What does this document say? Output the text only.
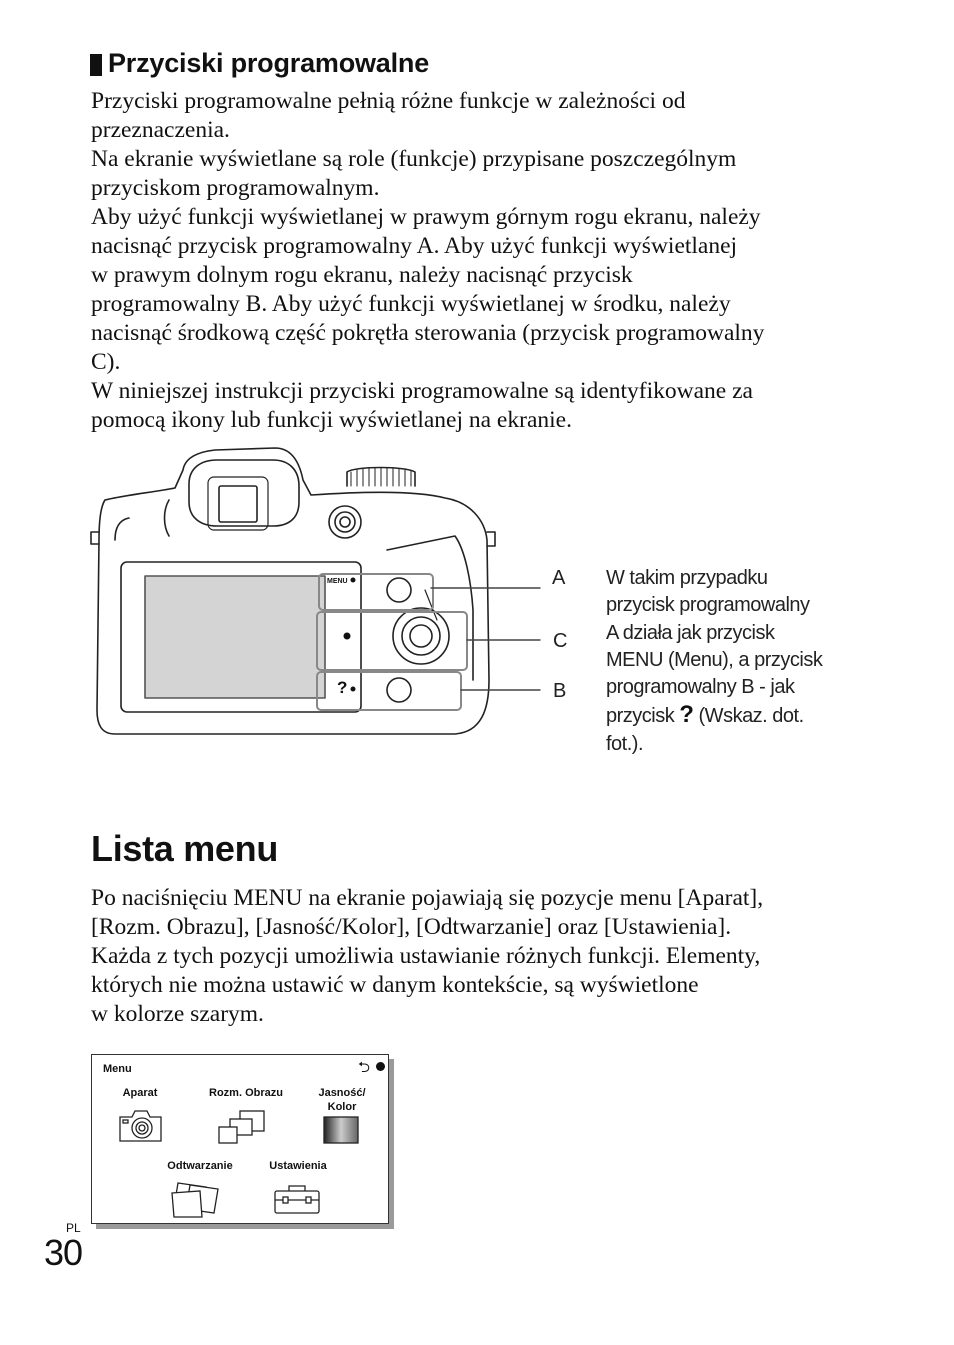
Przyciski programowalne

Przyciski programowalne pełnią różne funkcje w zależności od

przeznaczenia.

Na ekranie wyświetlane są role (funkcje) przypisane poszczególnym

przyciskom programowalnym.

Aby użyć funkcji wyświetlanej w prawym górnym rogu ekranu, należy

nacisnąć przycisk programowalny A. Aby użyć funkcji wyświetlanej

w prawym dolnym rogu ekranu, należy nacisnąć przycisk

programowalny B. Aby użyć funkcji wyświetlanej w środku, należy

nacisnąć środkową część pokrętła sterowania (przycisk programowalny

C).

W niniejszej instrukcji przyciski programowalne są identyfikowane za

pomocą ikony lub funkcji wyświetlanej na ekranie.

MENU
?
A
C
B
W takim przypadku
przycisk programowalny
A działa jak przycisk
MENU (Menu), a przycisk
programowalny B - jak
przycisk ? (Wskaz. dot.
fot.).
Lista menu

Po naciśnięciu MENU na ekranie pojawiają się pozycje menu [Aparat],

[Rozm. Obrazu], [Jasność/Kolor], [Odtwarzanie] oraz [Ustawienia].

Każda z tych pozycji umożliwia ustawianie różnych funkcji. Elementy,

których nie można ustawić w danym kontekście, są wyświetlone

w kolorze szarym.

Menu	⮌
Aparat	Rozm. Obrazu	Jasność/
Kolor
Odtwarzanie	Ustawienia
PL
30
